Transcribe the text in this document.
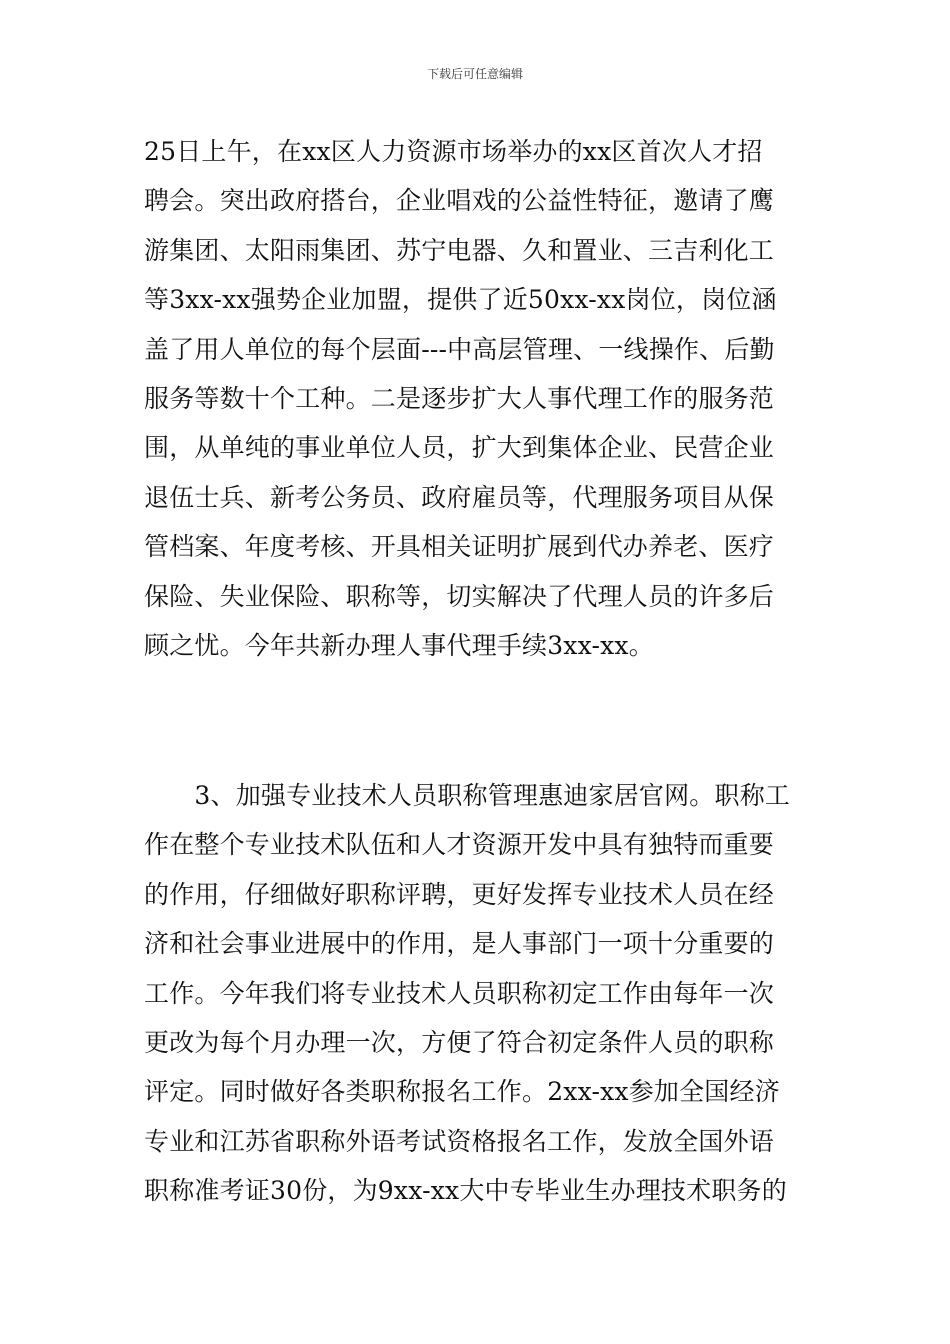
下载后可任意编辑
25日上午，在xx区人力资源市场举办的xx区首次人才招
聘会。突出政府搭台，企业唱戏的公益性特征，邀请了鹰
游集团、太阳雨集团、苏宁电器、久和置业、三吉利化工
等3xx-xx强势企业加盟，提供了近50xx-xx岗位，岗位涵
盖了用人单位的每个层面---中高层管理、一线操作、后勤
服务等数十个工种。二是逐步扩大人事代理工作的服务范
围，从单纯的事业单位人员，扩大到集体企业、民营企业
退伍士兵、新考公务员、政府雇员等，代理服务项目从保
管档案、年度考核、开具相关证明扩展到代办养老、医疗
保险、失业保险、职称等，切实解决了代理人员的许多后
顾之忧。今年共新办理人事代理手续3xx-xx。
　　3、加强专业技术人员职称管理惠迪家居官网。职称工
作在整个专业技术队伍和人才资源开发中具有独特而重要
的作用，仔细做好职称评聘，更好发挥专业技术人员在经
济和社会事业进展中的作用，是人事部门一项十分重要的
工作。今年我们将专业技术人员职称初定工作由每年一次
更改为每个月办理一次，方便了符合初定条件人员的职称
评定。同时做好各类职称报名工作。2xx-xx参加全国经济
专业和江苏省职称外语考试资格报名工作，发放全国外语
职称准考证30份，为9xx-xx大中专毕业生办理技术职务的
